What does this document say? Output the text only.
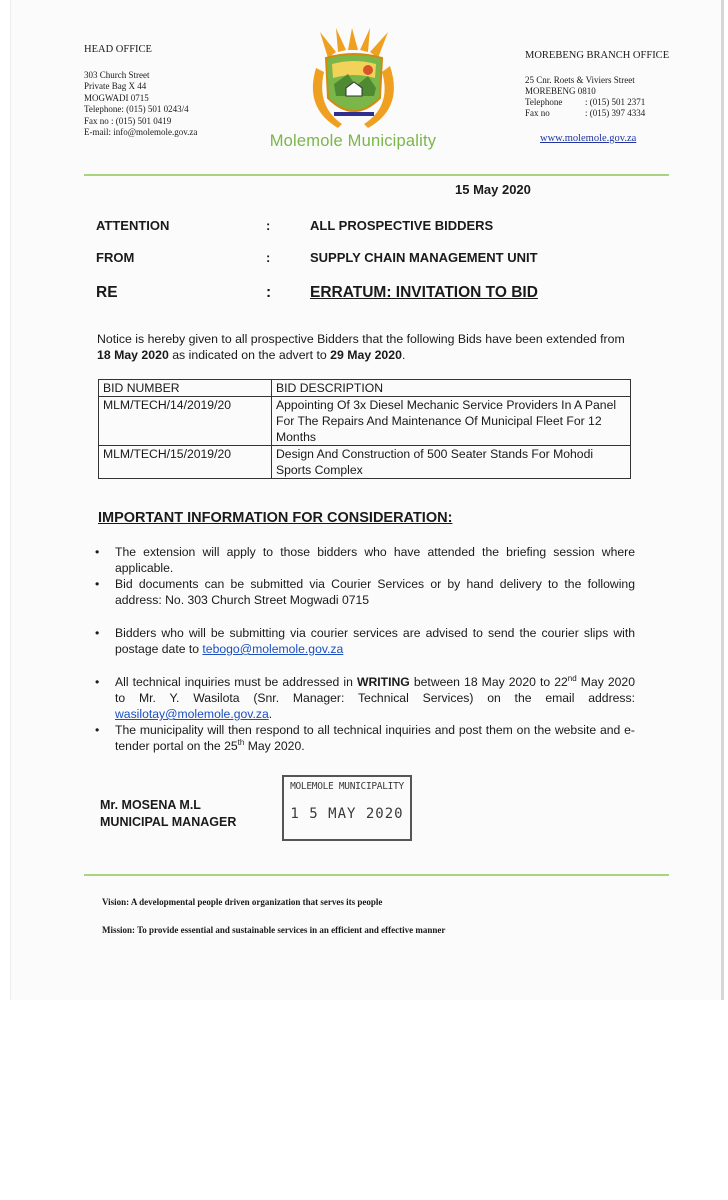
HEAD OFFICE
303 Church Street
Private Bag X 44
MOGWADI 0715
Telephone: (015) 501 0243/4
Fax no : (015) 501 0419
E-mail: info@molemole.gov.za	Molemole Municipality
MOREBENG BRANCH OFFICE
25 Cnr. Roets & Viviers Street
MOREBENG 0810
Telephone	: (015) 501 2371
Fax no	: (015) 397 4334
www.molemole.gov.za
15 May 2020
ATTENTION	:	ALL PROSPECTIVE BIDDERS
FROM	:	SUPPLY CHAIN MANAGEMENT UNIT
RE	:	ERRATUM: INVITATION TO BID
Notice is hereby given to all prospective Bidders that the following Bids have been extended from 18 May 2020 as indicated on the advert to 29 May 2020.
BID NUMBER	BID DESCRIPTION
MLM/TECH/14/2019/20	Appointing Of 3x Diesel Mechanic Service Providers In A Panel For The Repairs And Maintenance Of Municipal Fleet For 12 Months
MLM/TECH/15/2019/20	Design And Construction of 500 Seater Stands For Mohodi Sports Complex
IMPORTANT INFORMATION FOR CONSIDERATION:
• The extension will apply to those bidders who have attended the briefing session where applicable.
• Bid documents can be submitted via Courier Services or by hand delivery to the following address: No. 303 Church Street Mogwadi 0715
• Bidders who will be submitting via courier services are advised to send the courier slips with postage date to tebogo@molemole.gov.za
• All technical inquiries must be addressed in WRITING between 18 May 2020 to 22nd May 2020 to Mr. Y. Wasilota (Snr. Manager: Technical Services) on the email address: wasilotay@molemole.gov.za.
• The municipality will then respond to all technical inquiries and post them on the website and e-tender portal on the 25th May 2020.
Mr. MOSENA M.L
MUNICIPAL MANAGER
MOLEMOLE MUNICIPALITY
1 5 MAY 2020
Vision: A developmental people driven organization that serves its people
Mission: To provide essential and sustainable services in an efficient and effective manner
